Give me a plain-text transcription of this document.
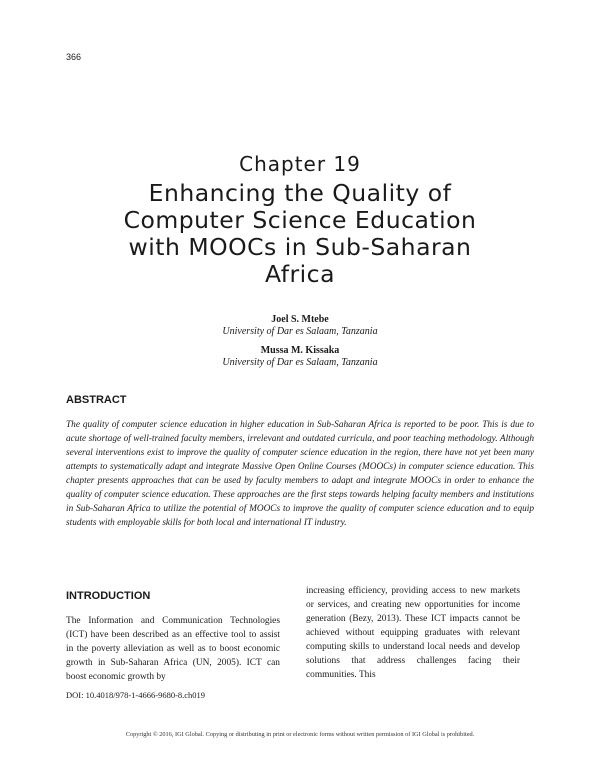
366
Chapter 19
Enhancing the Quality of Computer Science Education with MOOCs in Sub-Saharan Africa
Joel S. Mtebe
University of Dar es Salaam, Tanzania
Mussa M. Kissaka
University of Dar es Salaam, Tanzania
ABSTRACT

The quality of computer science education in higher education in Sub-Saharan Africa is reported to be poor. This is due to acute shortage of well-trained faculty members, irrelevant and outdated curricula, and poor teaching methodology. Although several interventions exist to improve the quality of computer science education in the region, there have not yet been many attempts to systematically adapt and integrate Massive Open Online Courses (MOOCs) in computer science education. This chapter presents approaches that can be used by faculty members to adapt and integrate MOOCs in order to enhance the quality of computer science education. These approaches are the first steps towards helping faculty members and institutions in Sub-Saharan Africa to utilize the potential of MOOCs to improve the quality of computer science education and to equip students with employable skills for both local and international IT industry.

INTRODUCTION

The Information and Communication Technologies (ICT) have been described as an effective tool to assist in the poverty alleviation as well as to boost economic growth in Sub-Saharan Africa (UN, 2005). ICT can boost economic growth by

increasing efficiency, providing access to new markets or services, and creating new opportunities for income generation (Bezy, 2013). These ICT impacts cannot be achieved without equipping graduates with relevant computing skills to understand local needs and develop solutions that address challenges facing their communities. This

DOI: 10.4018/978-1-4666-9680-8.ch019
Copyright © 2016, IGI Global. Copying or distributing in print or electronic forms without written permission of IGI Global is prohibited.
